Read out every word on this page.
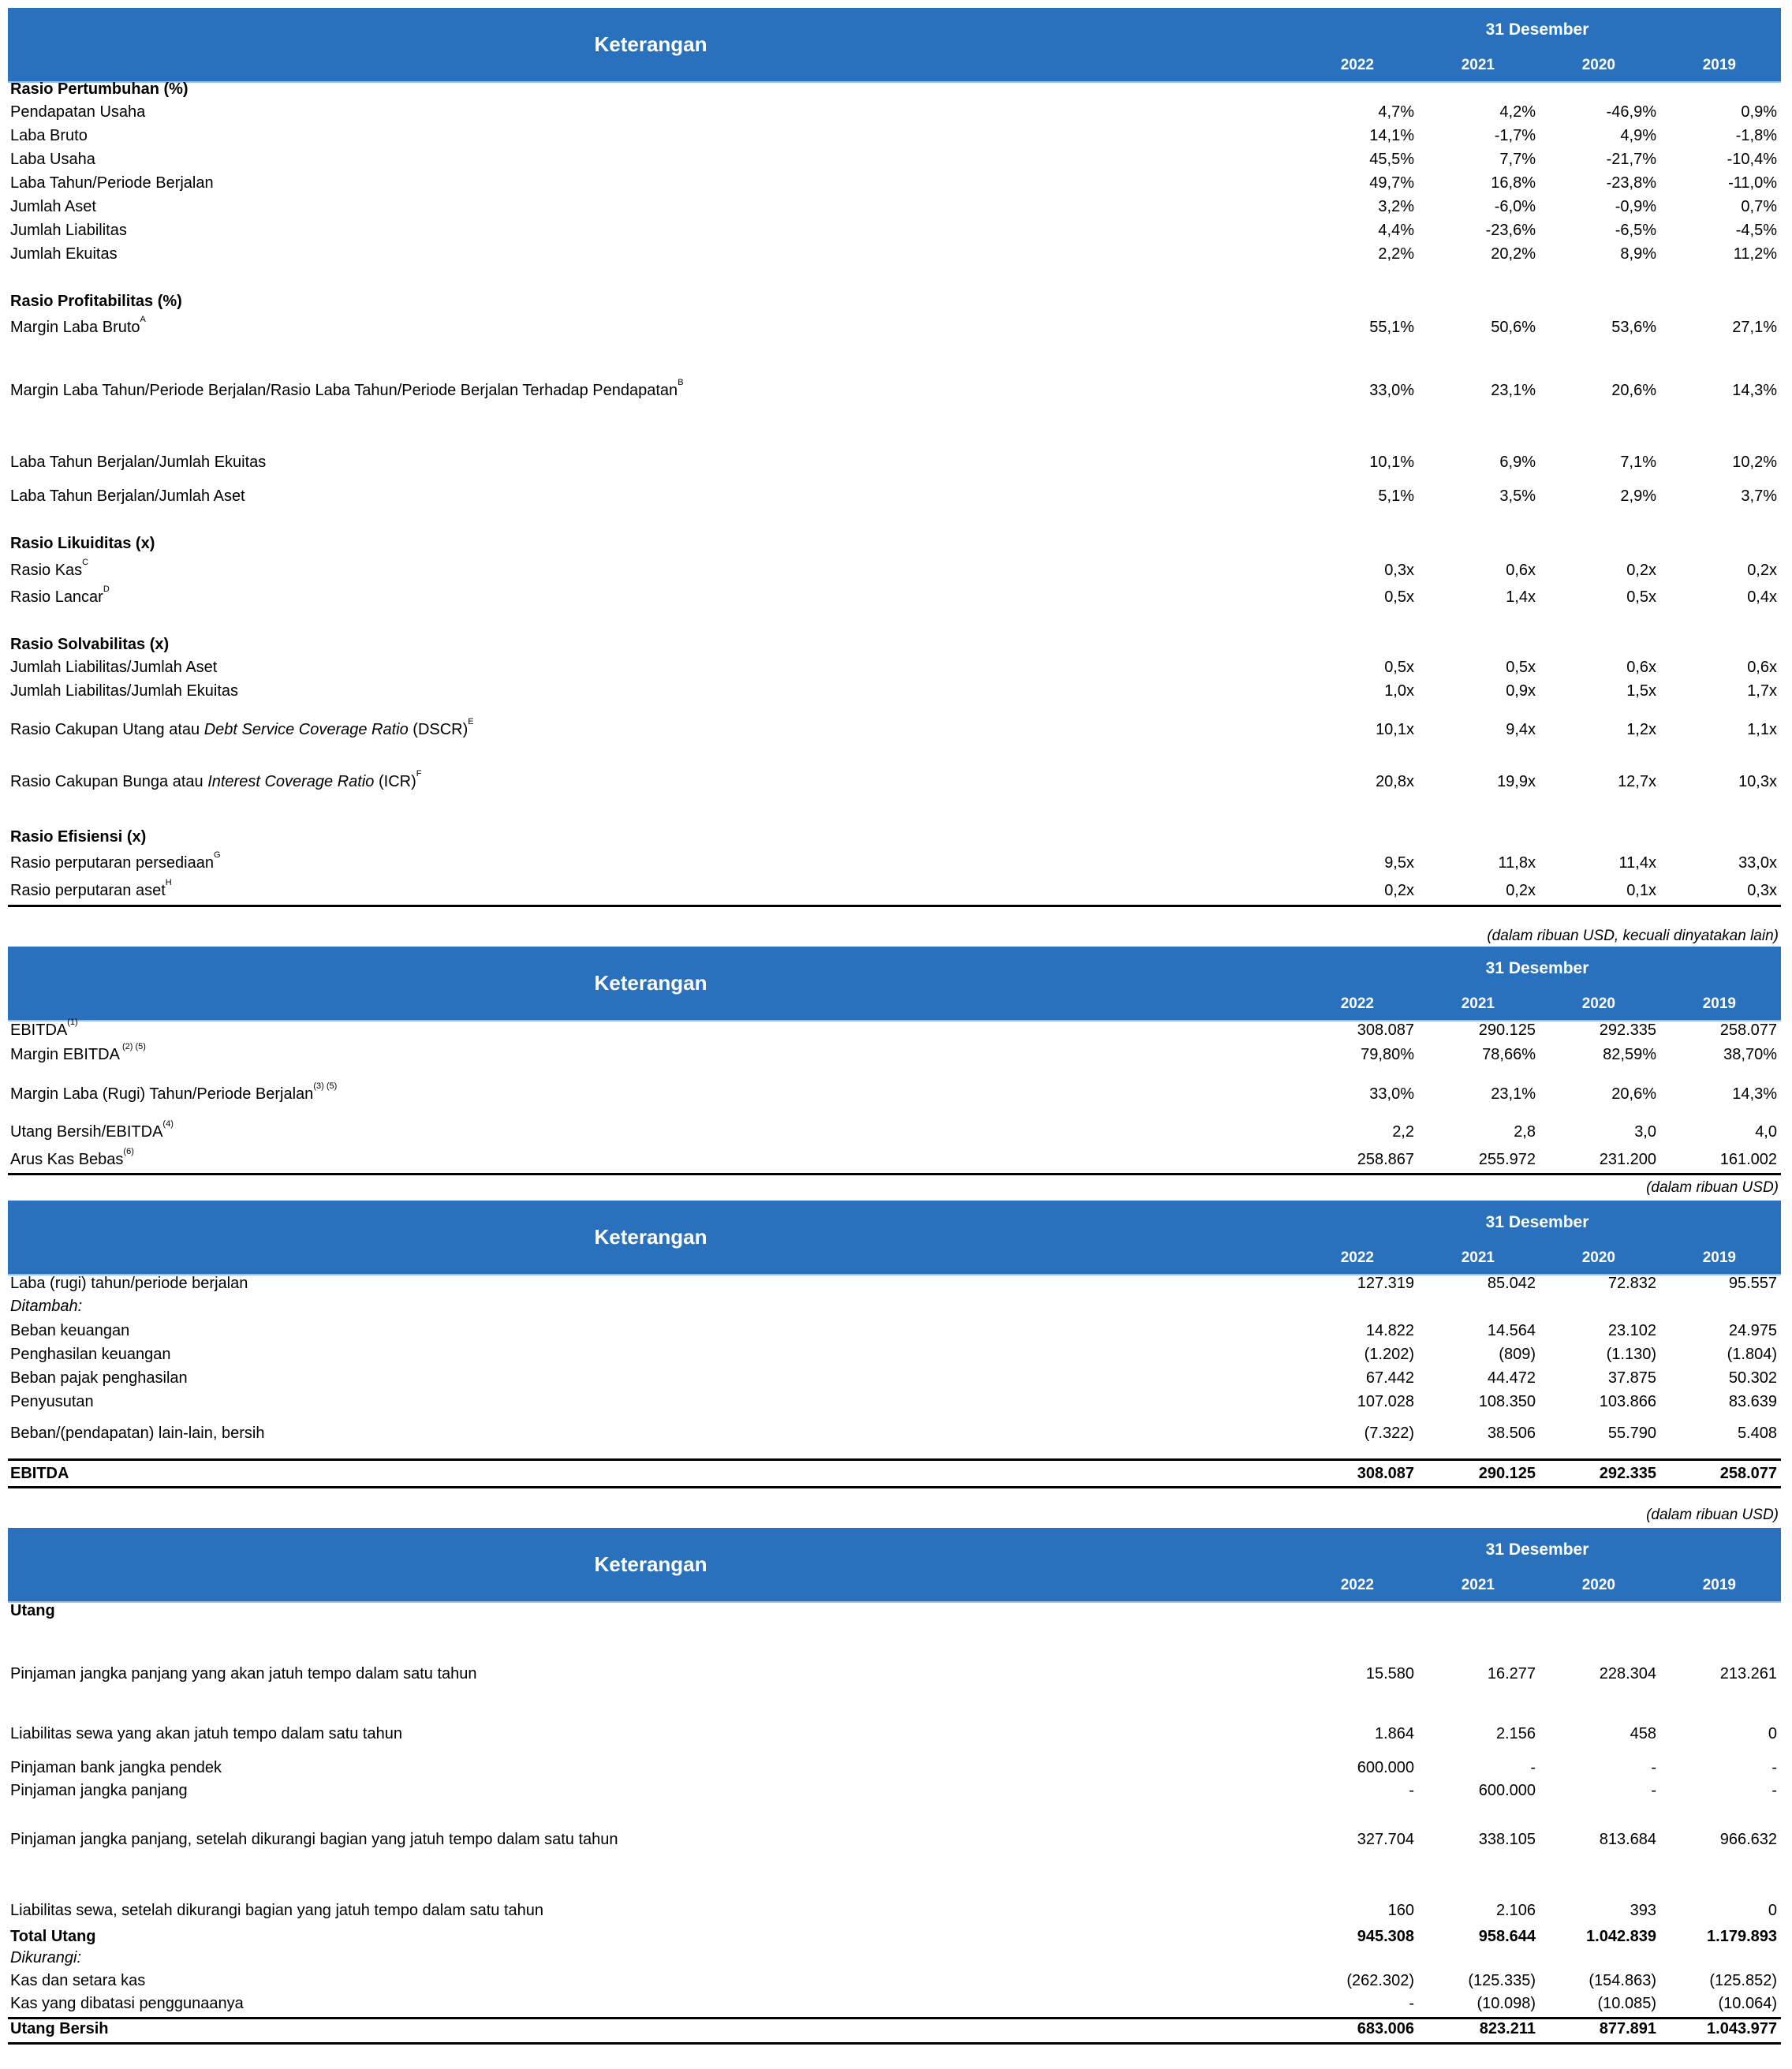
Keterangan
31 Desember
2022	2021	2020	2019
Rasio Pertumbuhan (%)
Pendapatan Usaha	4,7%	4,2%	-46,9%	0,9%
Laba Bruto	14,1%	-1,7%	4,9%	-1,8%
Laba Usaha	45,5%	7,7%	-21,7%	-10,4%
Laba Tahun/Periode Berjalan	49,7%	16,8%	-23,8%	-11,0%
Jumlah Aset	3,2%	-6,0%	-0,9%	0,7%
Jumlah Liabilitas	4,4%	-23,6%	-6,5%	-4,5%
Jumlah Ekuitas	2,2%	20,2%	8,9%	11,2%
Rasio Profitabilitas (%)
Margin Laba Bruto$^A$	55,1%	50,6%	53,6%	27,1%
Margin Laba Tahun/Periode Berjalan/Rasio Laba Tahun/Periode Berjalan Terhadap Pendapatan$^B$	33,0%	23,1%	20,6%	14,3%
Laba Tahun Berjalan/Jumlah Ekuitas	10,1%	6,9%	7,1%	10,2%
Laba Tahun Berjalan/Jumlah Aset	5,1%	3,5%	2,9%	3,7%
Rasio Likuiditas (x)
Rasio Kas$^C$	0,3x	0,6x	0,2x	0,2x
Rasio Lancar$^D$	0,5x	1,4x	0,5x	0,4x
Rasio Solvabilitas (x)
Jumlah Liabilitas/Jumlah Aset	0,5x	0,5x	0,6x	0,6x
Jumlah Liabilitas/Jumlah Ekuitas	1,0x	0,9x	1,5x	1,7x
Rasio Cakupan Utang atau Debt Service Coverage Ratio (DSCR)$^E$	10,1x	9,4x	1,2x	1,1x
Rasio Cakupan Bunga atau Interest Coverage Ratio (ICR)$^F$	20,8x	19,9x	12,7x	10,3x
Rasio Efisiensi (x)
Rasio perputaran persediaan$^G$	9,5x	11,8x	11,4x	33,0x
Rasio perputaran aset$^H$	0,2x	0,2x	0,1x	0,3x
(dalam ribuan USD, kecuali dinyatakan lain)
Keterangan
31 Desember
2022	2021	2020	2019
EBITDA$^{(1)}$	308.087	290.125	292.335	258.077
Margin EBITDA $^{(2) (5)}$	79,80%	78,66%	82,59%	38,70%
Margin Laba (Rugi) Tahun/Periode Berjalan$^{(3) (5)}$	33,0%	23,1%	20,6%	14,3%
Utang Bersih/EBITDA$^{(4)}$	2,2	2,8	3,0	4,0
Arus Kas Bebas$^{(6)}$	258.867	255.972	231.200	161.002
(dalam ribuan USD)
Keterangan
31 Desember
2022	2021	2020	2019
Laba (rugi) tahun/periode berjalan	127.319	85.042	72.832	95.557
Ditambah:
Beban keuangan	14.822	14.564	23.102	24.975
Penghasilan keuangan	(1.202)	(809)	(1.130)	(1.804)
Beban pajak penghasilan	67.442	44.472	37.875	50.302
Penyusutan	107.028	108.350	103.866	83.639
Beban/(pendapatan) lain-lain, bersih	(7.322)	38.506	55.790	5.408
EBITDA	308.087	290.125	292.335	258.077
(dalam ribuan USD)
Keterangan
31 Desember
2022	2021	2020	2019
Utang
Pinjaman jangka panjang yang akan jatuh tempo dalam satu tahun	15.580	16.277	228.304	213.261
Liabilitas sewa yang akan jatuh tempo dalam satu tahun	1.864	2.156	458	0
Pinjaman bank jangka pendek	600.000	-	-	-
Pinjaman jangka panjang	-	600.000	-	-
Pinjaman jangka panjang, setelah dikurangi bagian yang jatuh tempo dalam satu tahun	327.704	338.105	813.684	966.632
Liabilitas sewa, setelah dikurangi bagian yang jatuh tempo dalam satu tahun	160	2.106	393	0
Total Utang	945.308	958.644	1.042.839	1.179.893
Dikurangi:
Kas dan setara kas	(262.302)	(125.335)	(154.863)	(125.852)
Kas yang dibatasi penggunaanya	-	(10.098)	(10.085)	(10.064)
Utang Bersih	683.006	823.211	877.891	1.043.977
